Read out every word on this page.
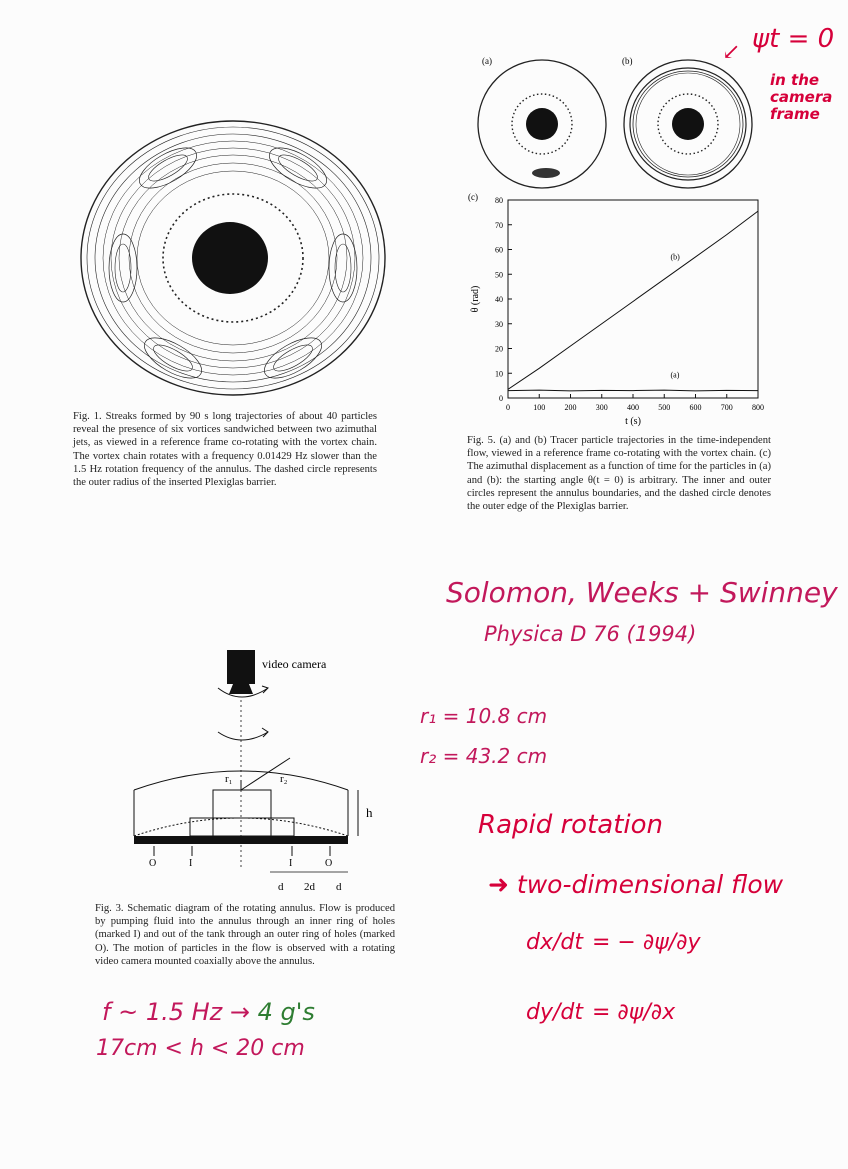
Fig. 1. Streaks formed by 90 s long trajectories of about 40 particles reveal the presence of six vortices sandwiched between two azimuthal jets, as viewed in a reference frame co-rotating with the vortex chain. The vortex chain rotates with a frequency 0.01429 Hz slower than the 1.5 Hz rotation frequency of the annulus. The dashed circle represents the outer radius of the inserted Plexiglas barrier.
(a)	(b)
(c)
0	100 200 300 400 500 600 700 800
0
10
20
30
40
50
60
70
80
t (s)
θ (rad)
(b)
(a)
Fig. 5. (a) and (b) Tracer particle trajectories in the time-independent flow, viewed in a reference frame co-rotating with the vortex chain. (c) The azimuthal displacement as a function of time for the particles in (a) and (b): the starting angle θ(t = 0) is arbitrary. The inner and outer circles represent the annulus boundaries, and the dashed circle denotes the outer edge of the Plexiglas barrier.
ψt = 0
↙
in the
camera
frame
Solomon, Weeks + Swinney
Physica D 76 (1994)
video camera
r₁	r₂
h
O	I	I	O
d 2d d
Fig. 3. Schematic diagram of the rotating annulus. Flow is produced by pumping fluid into the annulus through an inner ring of holes (marked I) and out of the tank through an outer ring of holes (marked O). The motion of particles in the flow is observed with a rotating video camera mounted coaxially above the annulus.
r₁ = 10.8 cm
r₂ = 43.2 cm
Rapid rotation
➜ two-dimensional flow
dx/dt = − ∂ψ/∂y
dy/dt = ∂ψ/∂x
f ~ 1.5 Hz → 4 g's
17cm < h < 20 cm
